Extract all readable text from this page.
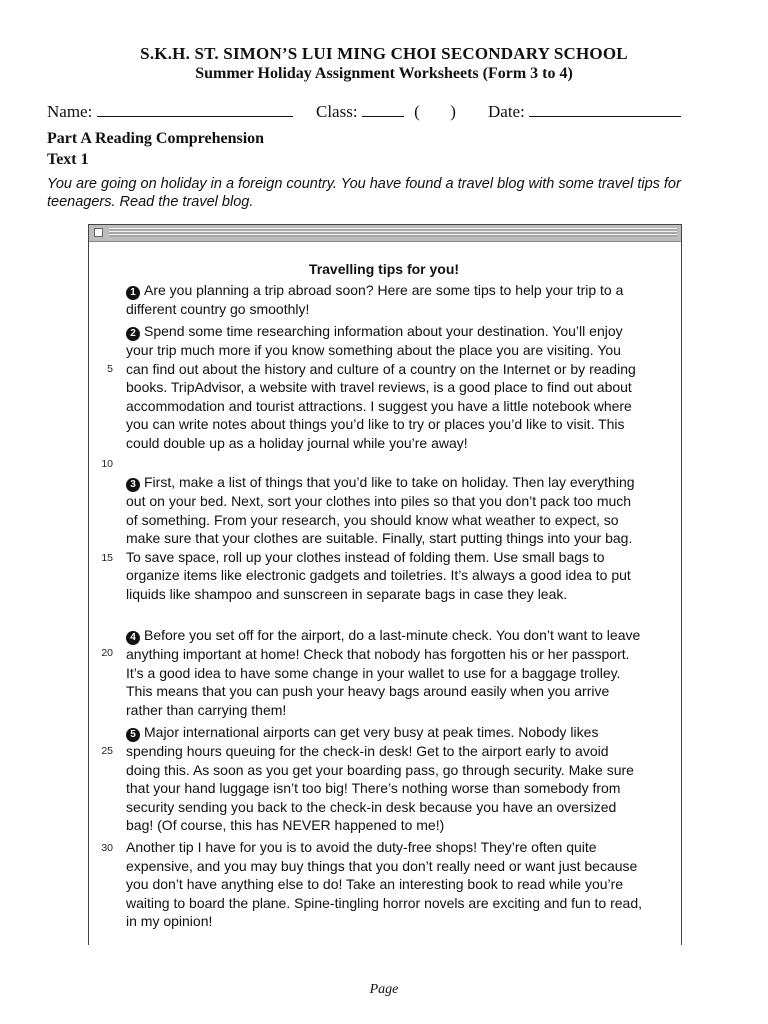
S.K.H. ST. SIMON’S LUI MING CHOI SECONDARY SCHOOL
Summer Holiday Assignment Worksheets (Form 3 to 4)
Name:	Class:	( ) Date:
Part A Reading Comprehension
Text 1
You are going on holiday in a foreign country. You have found a travel blog with some travel tips for teenagers. Read the travel blog.
Travelling tips for you!

1 Are you planning a trip abroad soon? Here are some tips to help your trip to a different country go smoothly!

2 Spend some time researching information about your destination. You’ll enjoy your trip much more if you know something about the place you are visiting. You can find out about the history and culture of a country on the Internet or by reading books. TripAdvisor, a website with travel reviews, is a good place to find out about accommodation and tourist attractions. I suggest you have a little notebook where you can write notes about things you’d like to try or places you’d like to visit. This could double up as a holiday journal while you’re away!

3 First, make a list of things that you’d like to take on holiday. Then lay everything out on your bed. Next, sort your clothes into piles so that you don’t pack too much of something. From your research, you should know what weather to expect, so make sure that your clothes are suitable. Finally, start putting things into your bag. To save space, roll up your clothes instead of folding them. Use small bags to organize items like electronic gadgets and toiletries. It’s always a good idea to put liquids like shampoo and sunscreen in separate bags in case they leak.

4 Before you set off for the airport, do a last-minute check. You don’t want to leave anything important at home! Check that nobody has forgotten his or her passport. It’s a good idea to have some change in your wallet to use for a baggage trolley. This means that you can push your heavy bags around easily when you arrive rather than carrying them!

5 Major international airports can get very busy at peak times. Nobody likes spending hours queuing for the check-in desk! Get to the airport early to avoid doing this. As soon as you get your boarding pass, go through security. Make sure that your hand luggage isn’t too big! There’s nothing worse than somebody from security sending you back to the check-in desk because you have an oversized bag! (Of course, this has NEVER happened to me!)

Another tip I have for you is to avoid the duty-free shops! They’re often quite expensive, and you may buy things that you don’t really need or want just because you don’t have anything else to do! Take an interesting book to read while you’re waiting to board the plane. Spine-tingling horror novels are exciting and fun to read, in my opinion!

5
10
15
20
25
30
Page
